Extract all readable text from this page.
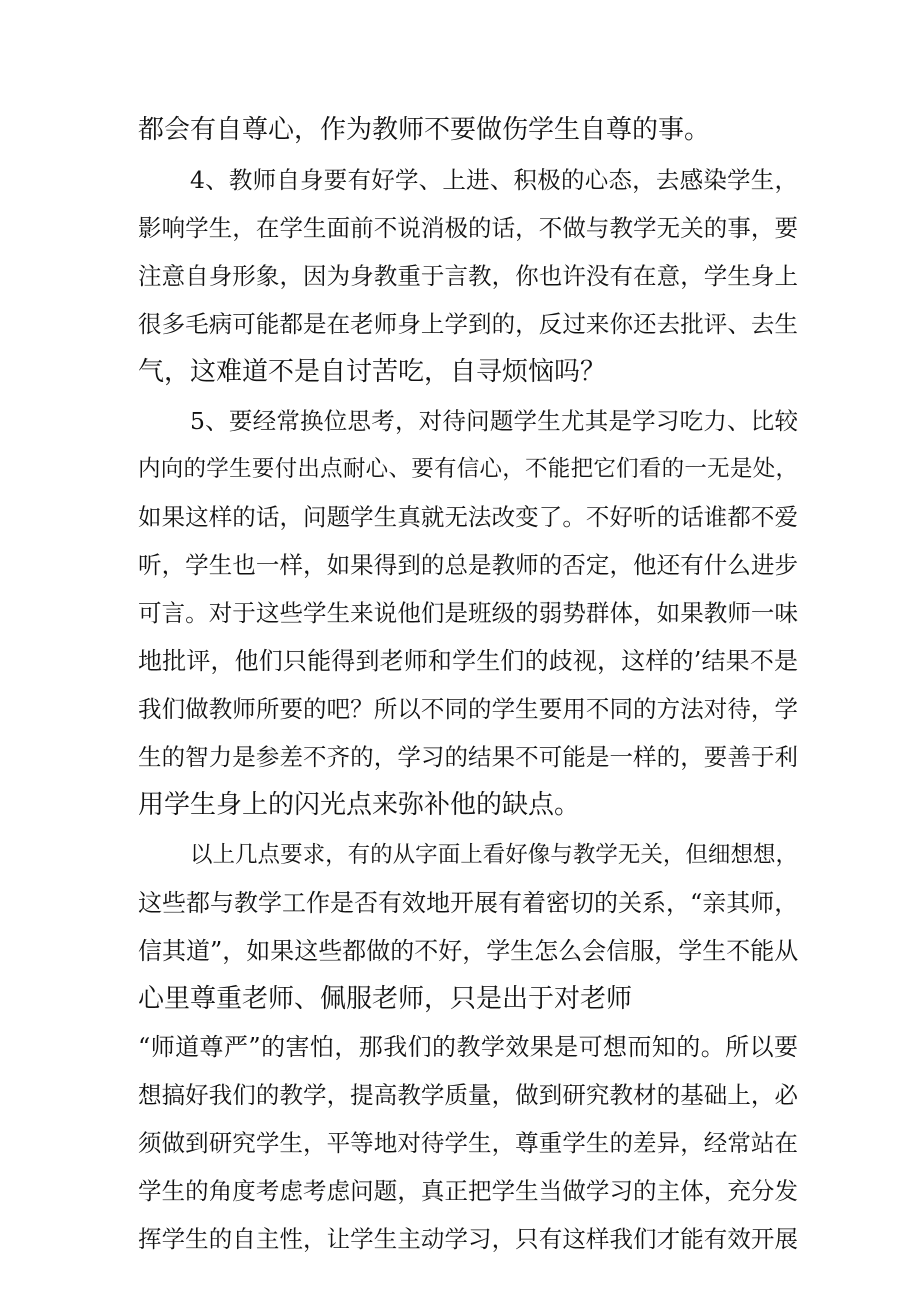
都会有自尊心，作为教师不要做伤学生自尊的事。
4、教师自身要有好学、上进、积极的心态，去感染学生，
影响学生，在学生面前不说消极的话，不做与教学无关的事，要
注意自身形象，因为身教重于言教，你也许没有在意，学生身上
很多毛病可能都是在老师身上学到的，反过来你还去批评、去生
气，这难道不是自讨苦吃，自寻烦恼吗？
5、要经常换位思考，对待问题学生尤其是学习吃力、比较
内向的学生要付出点耐心、要有信心，不能把它们看的一无是处，
如果这样的话，问题学生真就无法改变了。不好听的话谁都不爱
听，学生也一样，如果得到的总是教师的否定，他还有什么进步
可言。对于这些学生来说他们是班级的弱势群体，如果教师一味
地批评，他们只能得到老师和学生们的歧视，这样的’结果不是
我们做教师所要的吧？所以不同的学生要用不同的方法对待，学
生的智力是参差不齐的，学习的结果不可能是一样的，要善于利
用学生身上的闪光点来弥补他的缺点。
以上几点要求，有的从字面上看好像与教学无关，但细想想，
这些都与教学工作是否有效地开展有着密切的关系，“亲其师，
信其道”，如果这些都做的不好，学生怎么会信服，学生不能从
心里尊重老师、佩服老师，只是出于对老师
“师道尊严”的害怕，那我们的教学效果是可想而知的。所以要
想搞好我们的教学，提高教学质量，做到研究教材的基础上，必
须做到研究学生，平等地对待学生，尊重学生的差异，经常站在
学生的角度考虑考虑问题，真正把学生当做学习的主体，充分发
挥学生的自主性，让学生主动学习，只有这样我们才能有效开展
